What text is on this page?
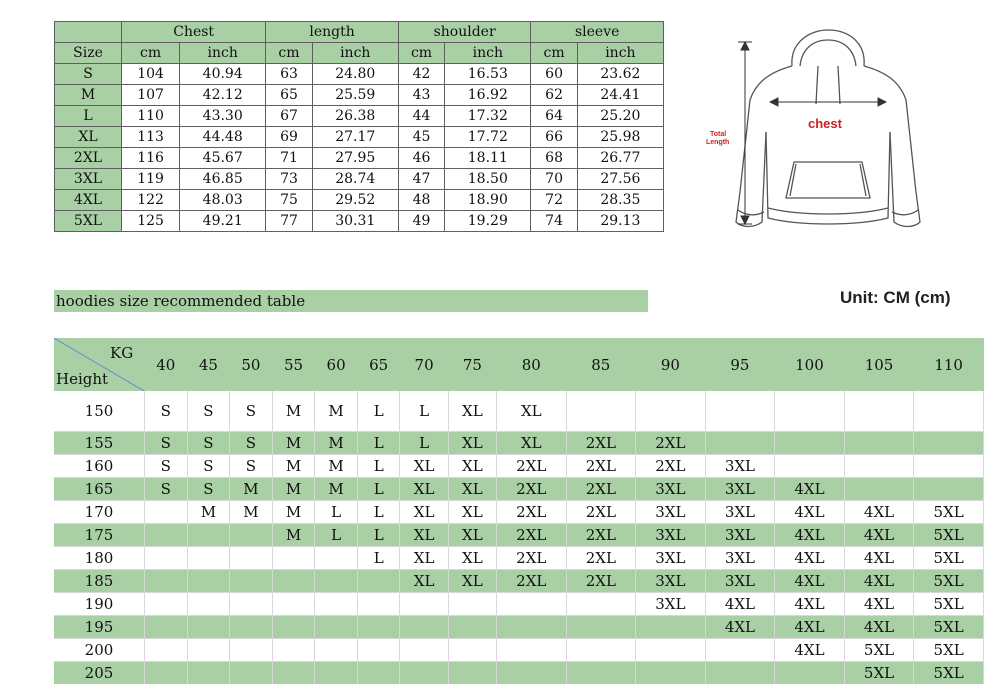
	Chest		length		shoulder		sleeve	
Size	cm	inch	cm	inch	cm	inch	cm	inch
S	104	40.94	63	24.80	42	16.53	60	23.62
M	107	42.12	65	25.59	43	16.92	62	24.41
L	110	43.30	67	26.38	44	17.32	64	25.20
XL	113	44.48	69	27.17	45	17.72	66	25.98
2XL	116	45.67	71	27.95	46	18.11	68	26.77
3XL	119	46.85	73	28.74	47	18.50	70	27.56
4XL	122	48.03	75	29.52	48	18.90	72	28.35
5XL	125	49.21	77	30.31	49	19.29	74	29.13
chest
Total
Length
hoodies size recommended table	Unit: CM (cm)
KG
Height	40	45	50	55	60	65	70	75	80	85	90	95	100	105	110
150	S	S	S	M	M	L	L	XL	XL						
155	S	S	S	M	M	L	L	XL	XL	2XL	2XL				
160	S	S	S	M	M	L	XL	XL	2XL	2XL	2XL	3XL			
165	S	S	M	M	M	L	XL	XL	2XL	2XL	3XL	3XL	4XL		
170		M	M	M	L	L	XL	XL	2XL	2XL	3XL	3XL	4XL	4XL	5XL
175				M	L	L	XL	XL	2XL	2XL	3XL	3XL	4XL	4XL	5XL
180						L	XL	XL	2XL	2XL	3XL	3XL	4XL	4XL	5XL
185							XL	XL	2XL	2XL	3XL	3XL	4XL	4XL	5XL
190											3XL	4XL	4XL	4XL	5XL
195												4XL	4XL	4XL	5XL
200													4XL	5XL	5XL
205														5XL	5XL
